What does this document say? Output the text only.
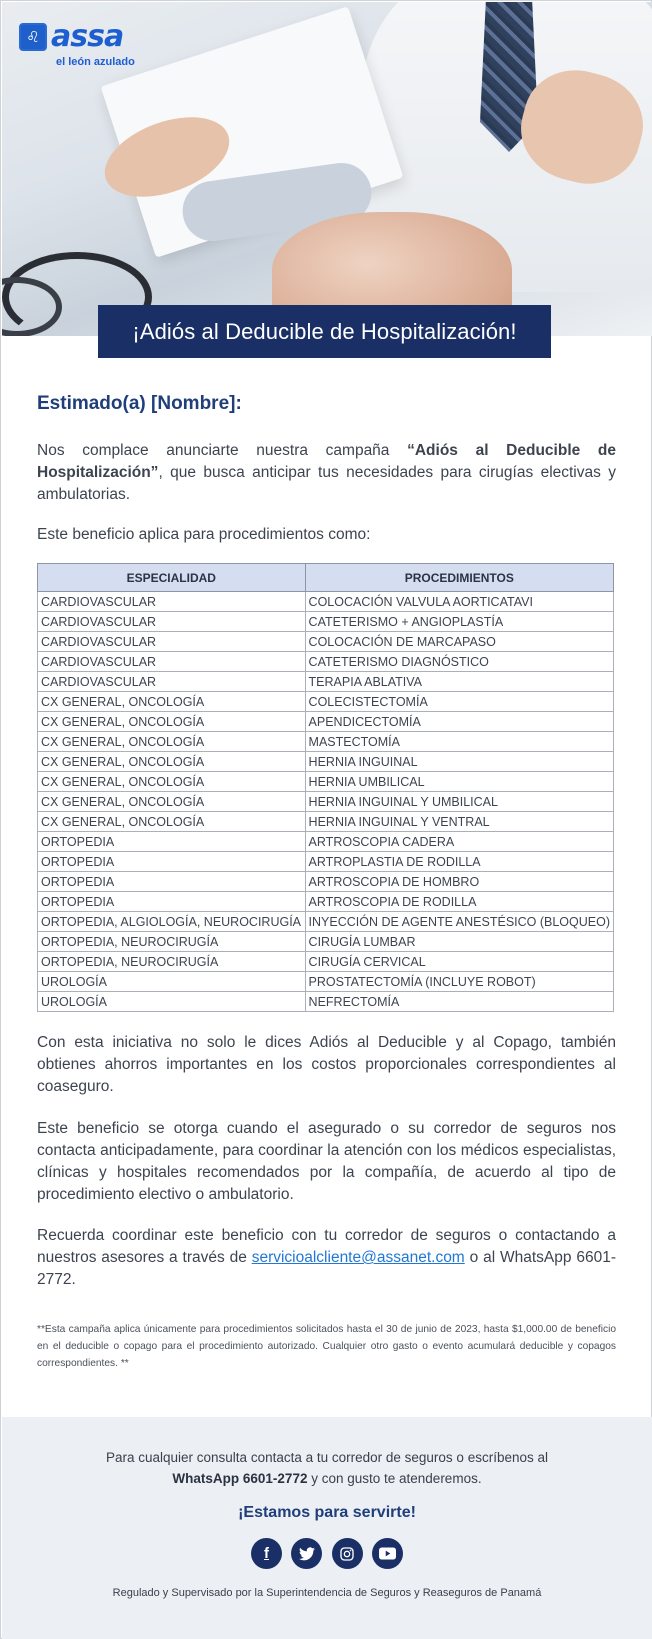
♌ assa
el león azulado
¡Adiós al Deducible de Hospitalización!
Estimado(a) [Nombre]:
Nos complace anunciarte nuestra campaña “Adiós al Deducible de Hospitalización”, que busca anticipar tus necesidades para cirugías electivas y ambulatorias.
Este beneficio aplica para procedimientos como:
ESPECIALIDAD	PROCEDIMIENTOS
CARDIOVASCULAR	COLOCACIÓN VALVULA AORTICATAVI
CARDIOVASCULAR	CATETERISMO + ANGIOPLASTÍA
CARDIOVASCULAR	COLOCACIÓN DE MARCAPASO
CARDIOVASCULAR	CATETERISMO DIAGNÓSTICO
CARDIOVASCULAR	TERAPIA ABLATIVA
CX GENERAL, ONCOLOGÍA	COLECISTECTOMÍA
CX GENERAL, ONCOLOGÍA	APENDICECTOMÍA
CX GENERAL, ONCOLOGÍA	MASTECTOMÍA
CX GENERAL, ONCOLOGÍA	HERNIA INGUINAL
CX GENERAL, ONCOLOGÍA	HERNIA UMBILICAL
CX GENERAL, ONCOLOGÍA	HERNIA INGUINAL Y UMBILICAL
CX GENERAL, ONCOLOGÍA	HERNIA INGUINAL Y VENTRAL
ORTOPEDIA	ARTROSCOPIA CADERA
ORTOPEDIA	ARTROPLASTIA DE RODILLA
ORTOPEDIA	ARTROSCOPIA DE HOMBRO
ORTOPEDIA	ARTROSCOPIA DE RODILLA
ORTOPEDIA, ALGIOLOGÍA, NEUROCIRUGÍA	INYECCIÓN DE AGENTE ANESTÉSICO (BLOQUEO)
ORTOPEDIA, NEUROCIRUGÍA	CIRUGÍA LUMBAR
ORTOPEDIA, NEUROCIRUGÍA	CIRUGÍA CERVICAL
UROLOGÍA	PROSTATECTOMÍA (INCLUYE ROBOT)
UROLOGÍA	NEFRECTOMÍA
Con esta iniciativa no solo le dices Adiós al Deducible y al Copago, también obtienes ahorros importantes en los costos proporcionales correspondientes al coaseguro.
Este beneficio se otorga cuando el asegurado o su corredor de seguros nos contacta anticipadamente, para coordinar la atención con los médicos especialistas, clínicas y hospitales recomendados por la compañía, de acuerdo al tipo de procedimiento electivo o ambulatorio.
Recuerda coordinar este beneficio con tu corredor de seguros o contactando a nuestros asesores a través de servicioalcliente@assanet.com o al WhatsApp 6601-2772.
**Esta campaña aplica únicamente para procedimientos solicitados hasta el 30 de junio de 2023, hasta $1,000.00 de beneficio en el deducible o copago para el procedimiento autorizado. Cualquier otro gasto o evento acumulará deducible y copagos correspondientes. **
Para cualquier consulta contacta a tu corredor de seguros o escríbenos al
WhatsApp 6601-2772 y con gusto te atenderemos.
¡Estamos para servirte!
f
Regulado y Supervisado por la Superintendencia de Seguros y Reaseguros de Panamá
